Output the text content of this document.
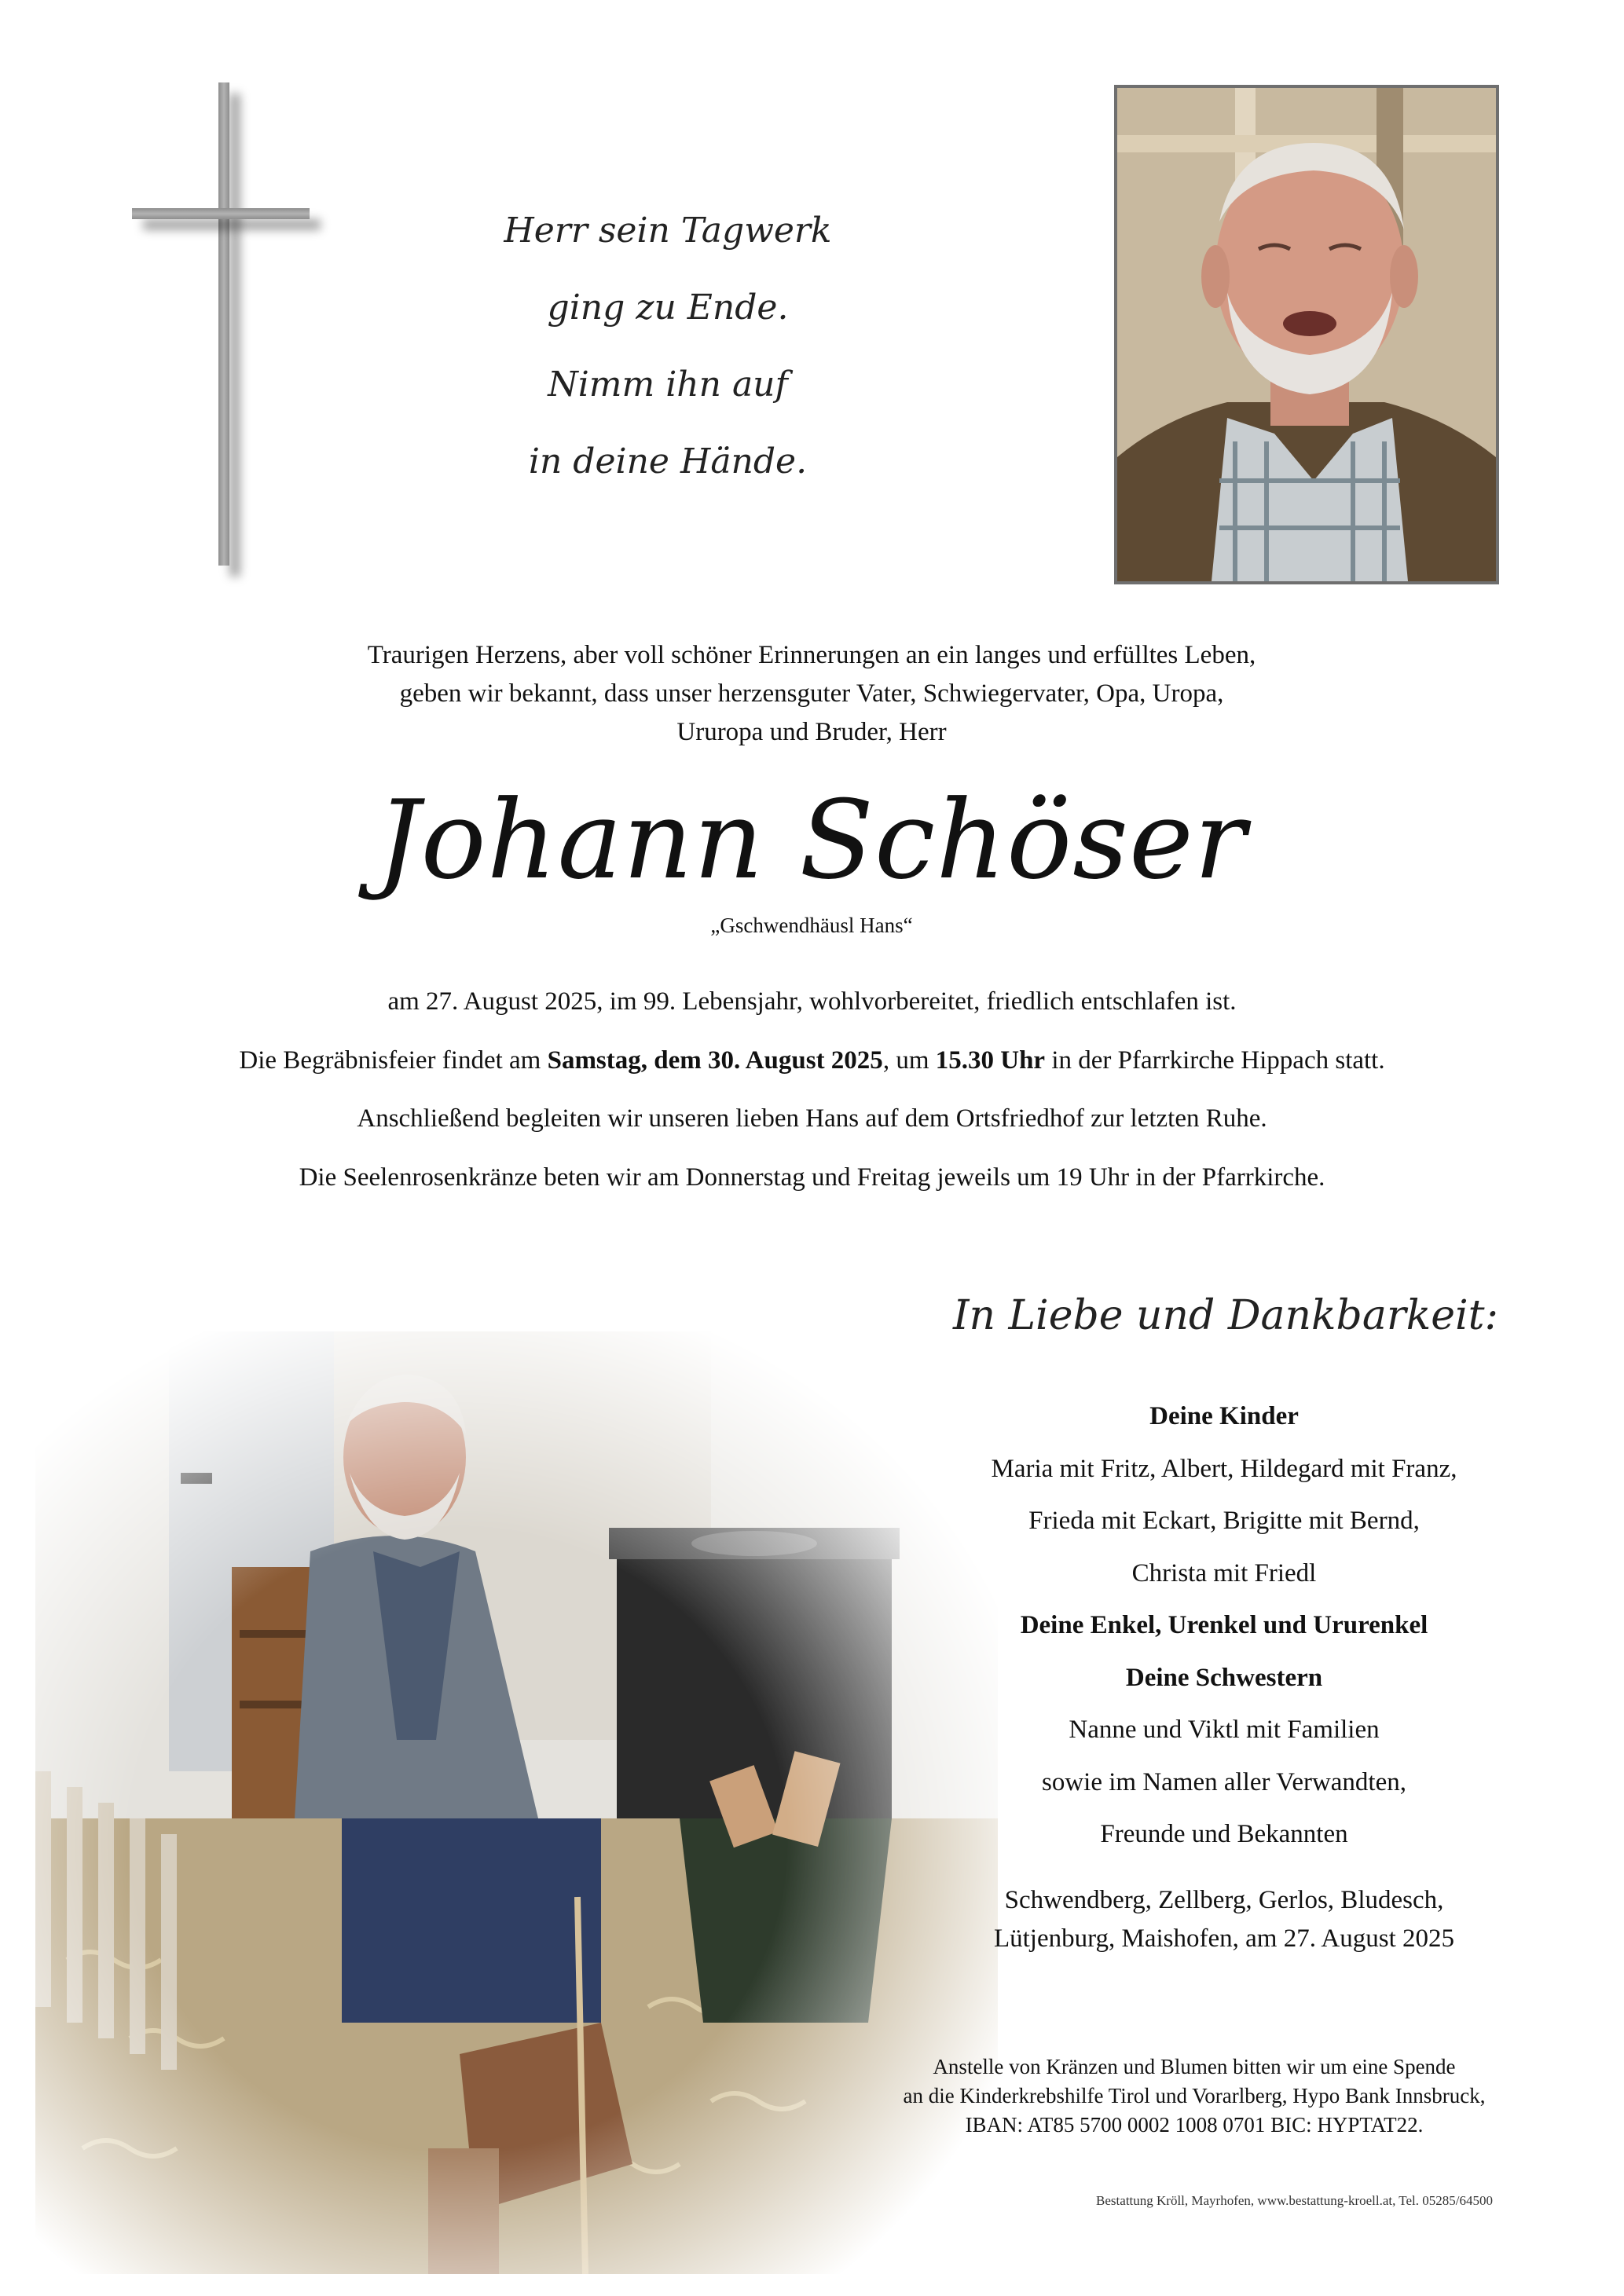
Herr sein Tagwerk
ging zu Ende.
Nimm ihn auf
in deine Hände.
Traurigen Herzens, aber voll schöner Erinnerungen an ein langes und erfülltes Leben,
geben wir bekannt, dass unser herzensguter Vater, Schwiegervater, Opa, Uropa,
Ururopa und Bruder, Herr
Johann Schöser
„Gschwendhäusl Hans“
am 27. August 2025, im 99. Lebensjahr, wohlvorbereitet, friedlich entschlafen ist.
Die Begräbnisfeier findet am Samstag, dem 30. August 2025, um 15.30 Uhr in der Pfarrkirche Hippach statt.
Anschließend begleiten wir unseren lieben Hans auf dem Ortsfriedhof zur letzten Ruhe.
Die Seelenrosenkränze beten wir am Donnerstag und Freitag jeweils um 19 Uhr in der Pfarrkirche.
In Liebe und Dankbarkeit:
Deine Kinder
Maria mit Fritz, Albert, Hildegard mit Franz,
Frieda mit Eckart, Brigitte mit Bernd,
Christa mit Friedl
Deine Enkel, Urenkel und Ururenkel
Deine Schwestern
Nanne und Viktl mit Familien
sowie im Namen aller Verwandten,
Freunde und Bekannten
Schwendberg, Zellberg, Gerlos, Bludesch,
Lütjenburg, Maishofen, am 27. August 2025
Anstelle von Kränzen und Blumen bitten wir um eine Spende
an die Kinderkrebshilfe Tirol und Vorarlberg, Hypo Bank Innsbruck,
IBAN: AT85 5700 0002 1008 0701 BIC: HYPTAT22.
Bestattung Kröll, Mayrhofen, www.bestattung-kroell.at, Tel. 05285/64500
